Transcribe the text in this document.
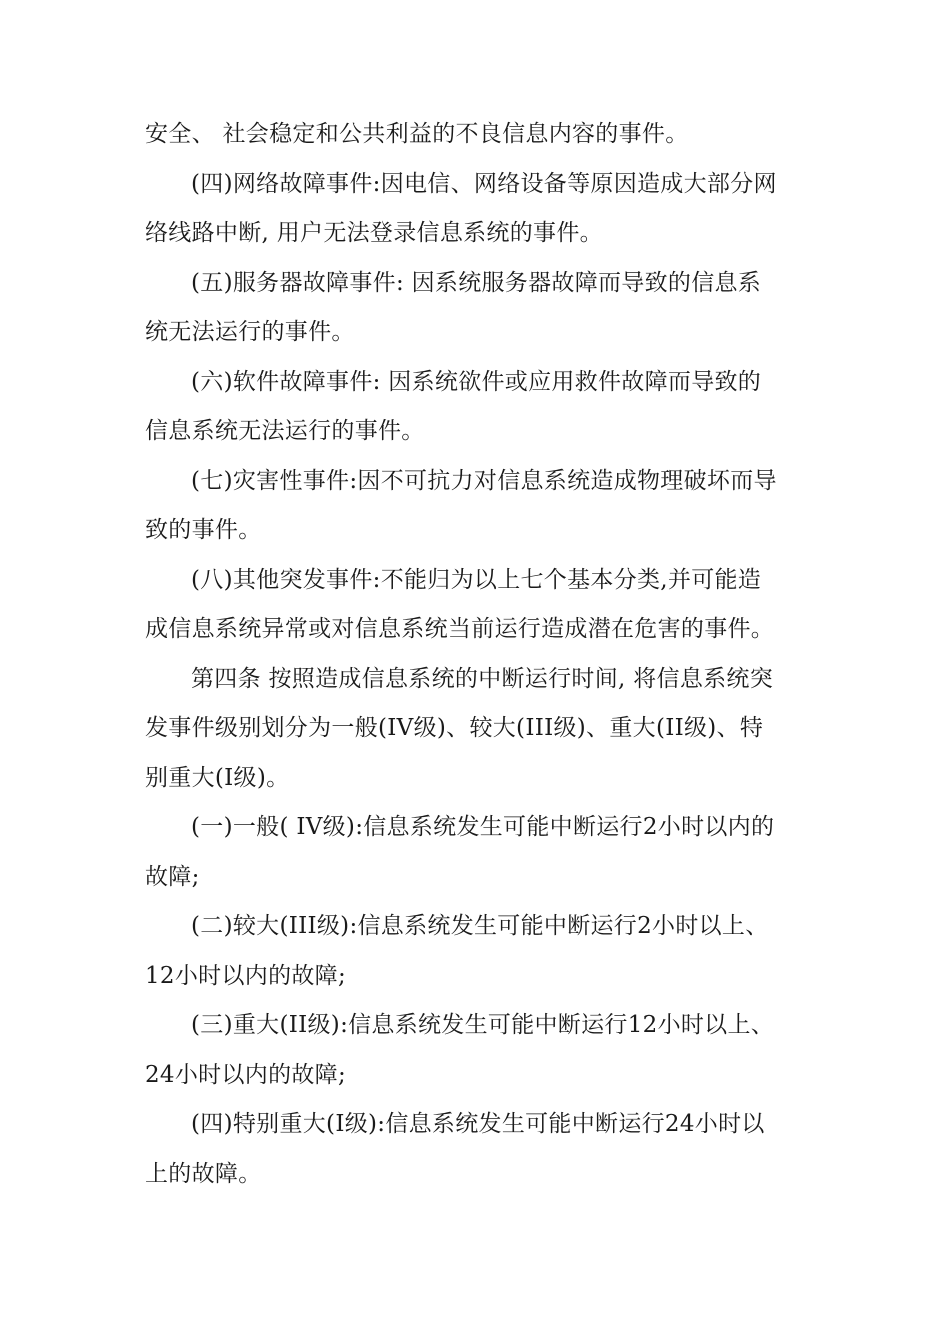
安全、 社会稳定和公共利益的不良信息内容的事件。
(四)网络故障事件:因电信、网络设备等原因造成大部分网
络线路中断, 用户无法登录信息系统的事件。
(五)服务器故障事件: 因系统服务器故障而导致的信息系
统无法运行的事件。
(六)软件故障事件: 因系统欲件或应用救件故障而导致的
信息系统无法运行的事件。
(七)灾害性事件:因不可抗力对信息系统造成物理破坏而导
致的事件。
(八)其他突发事件:不能归为以上七个基本分类,并可能造
成信息系统异常或对信息系统当前运行造成潜在危害的事件。
第四条 按照造成信息系统的中断运行时间, 将信息系统突
发事件级别划分为一般(IV级)、较大(III级)、重大(II级)、特
别重大(I级)。
(一)一般( IV级):信息系统发生可能中断运行2小时以内的
故障;
(二)较大(III级):信息系统发生可能中断运行2小时以上、
12小时以内的故障;
(三)重大(II级):信息系统发生可能中断运行12小时以上、
24小时以内的故障;
(四)特别重大(I级):信息系统发生可能中断运行24小时以
上的故障。
